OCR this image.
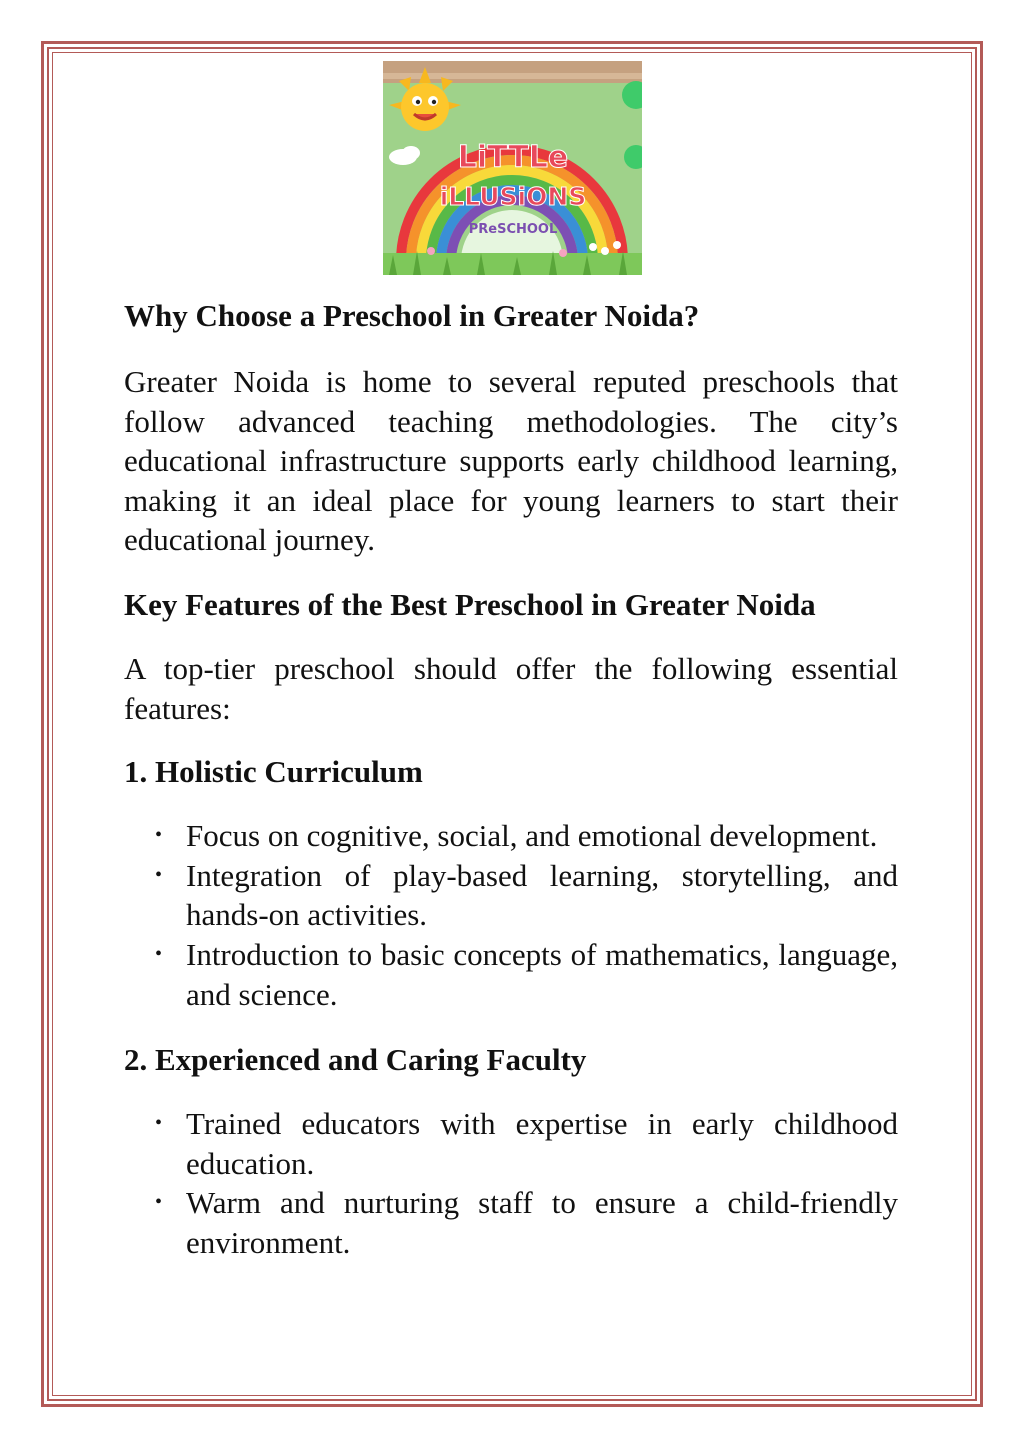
LiTTLe
iLLUSiONS
PReSCHOOL
Why Choose a Preschool in Greater Noida?

Greater Noida is home to several reputed preschools that follow advanced teaching methodologies. The city’s educational infrastructure supports early childhood learning, making it an ideal place for young learners to start their educational journey.

Key Features of the Best Preschool in Greater Noida

A top-tier preschool should offer the following essential features:

1. Holistic Curriculum
• Focus on cognitive, social, and emotional development.
• Integration of play-based learning, storytelling, and hands-on activities.
• Introduction to basic concepts of mathematics, language, and science.
2. Experienced and Caring Faculty
• Trained educators with expertise in early childhood education.
• Warm and nurturing staff to ensure a child-friendly environment.
